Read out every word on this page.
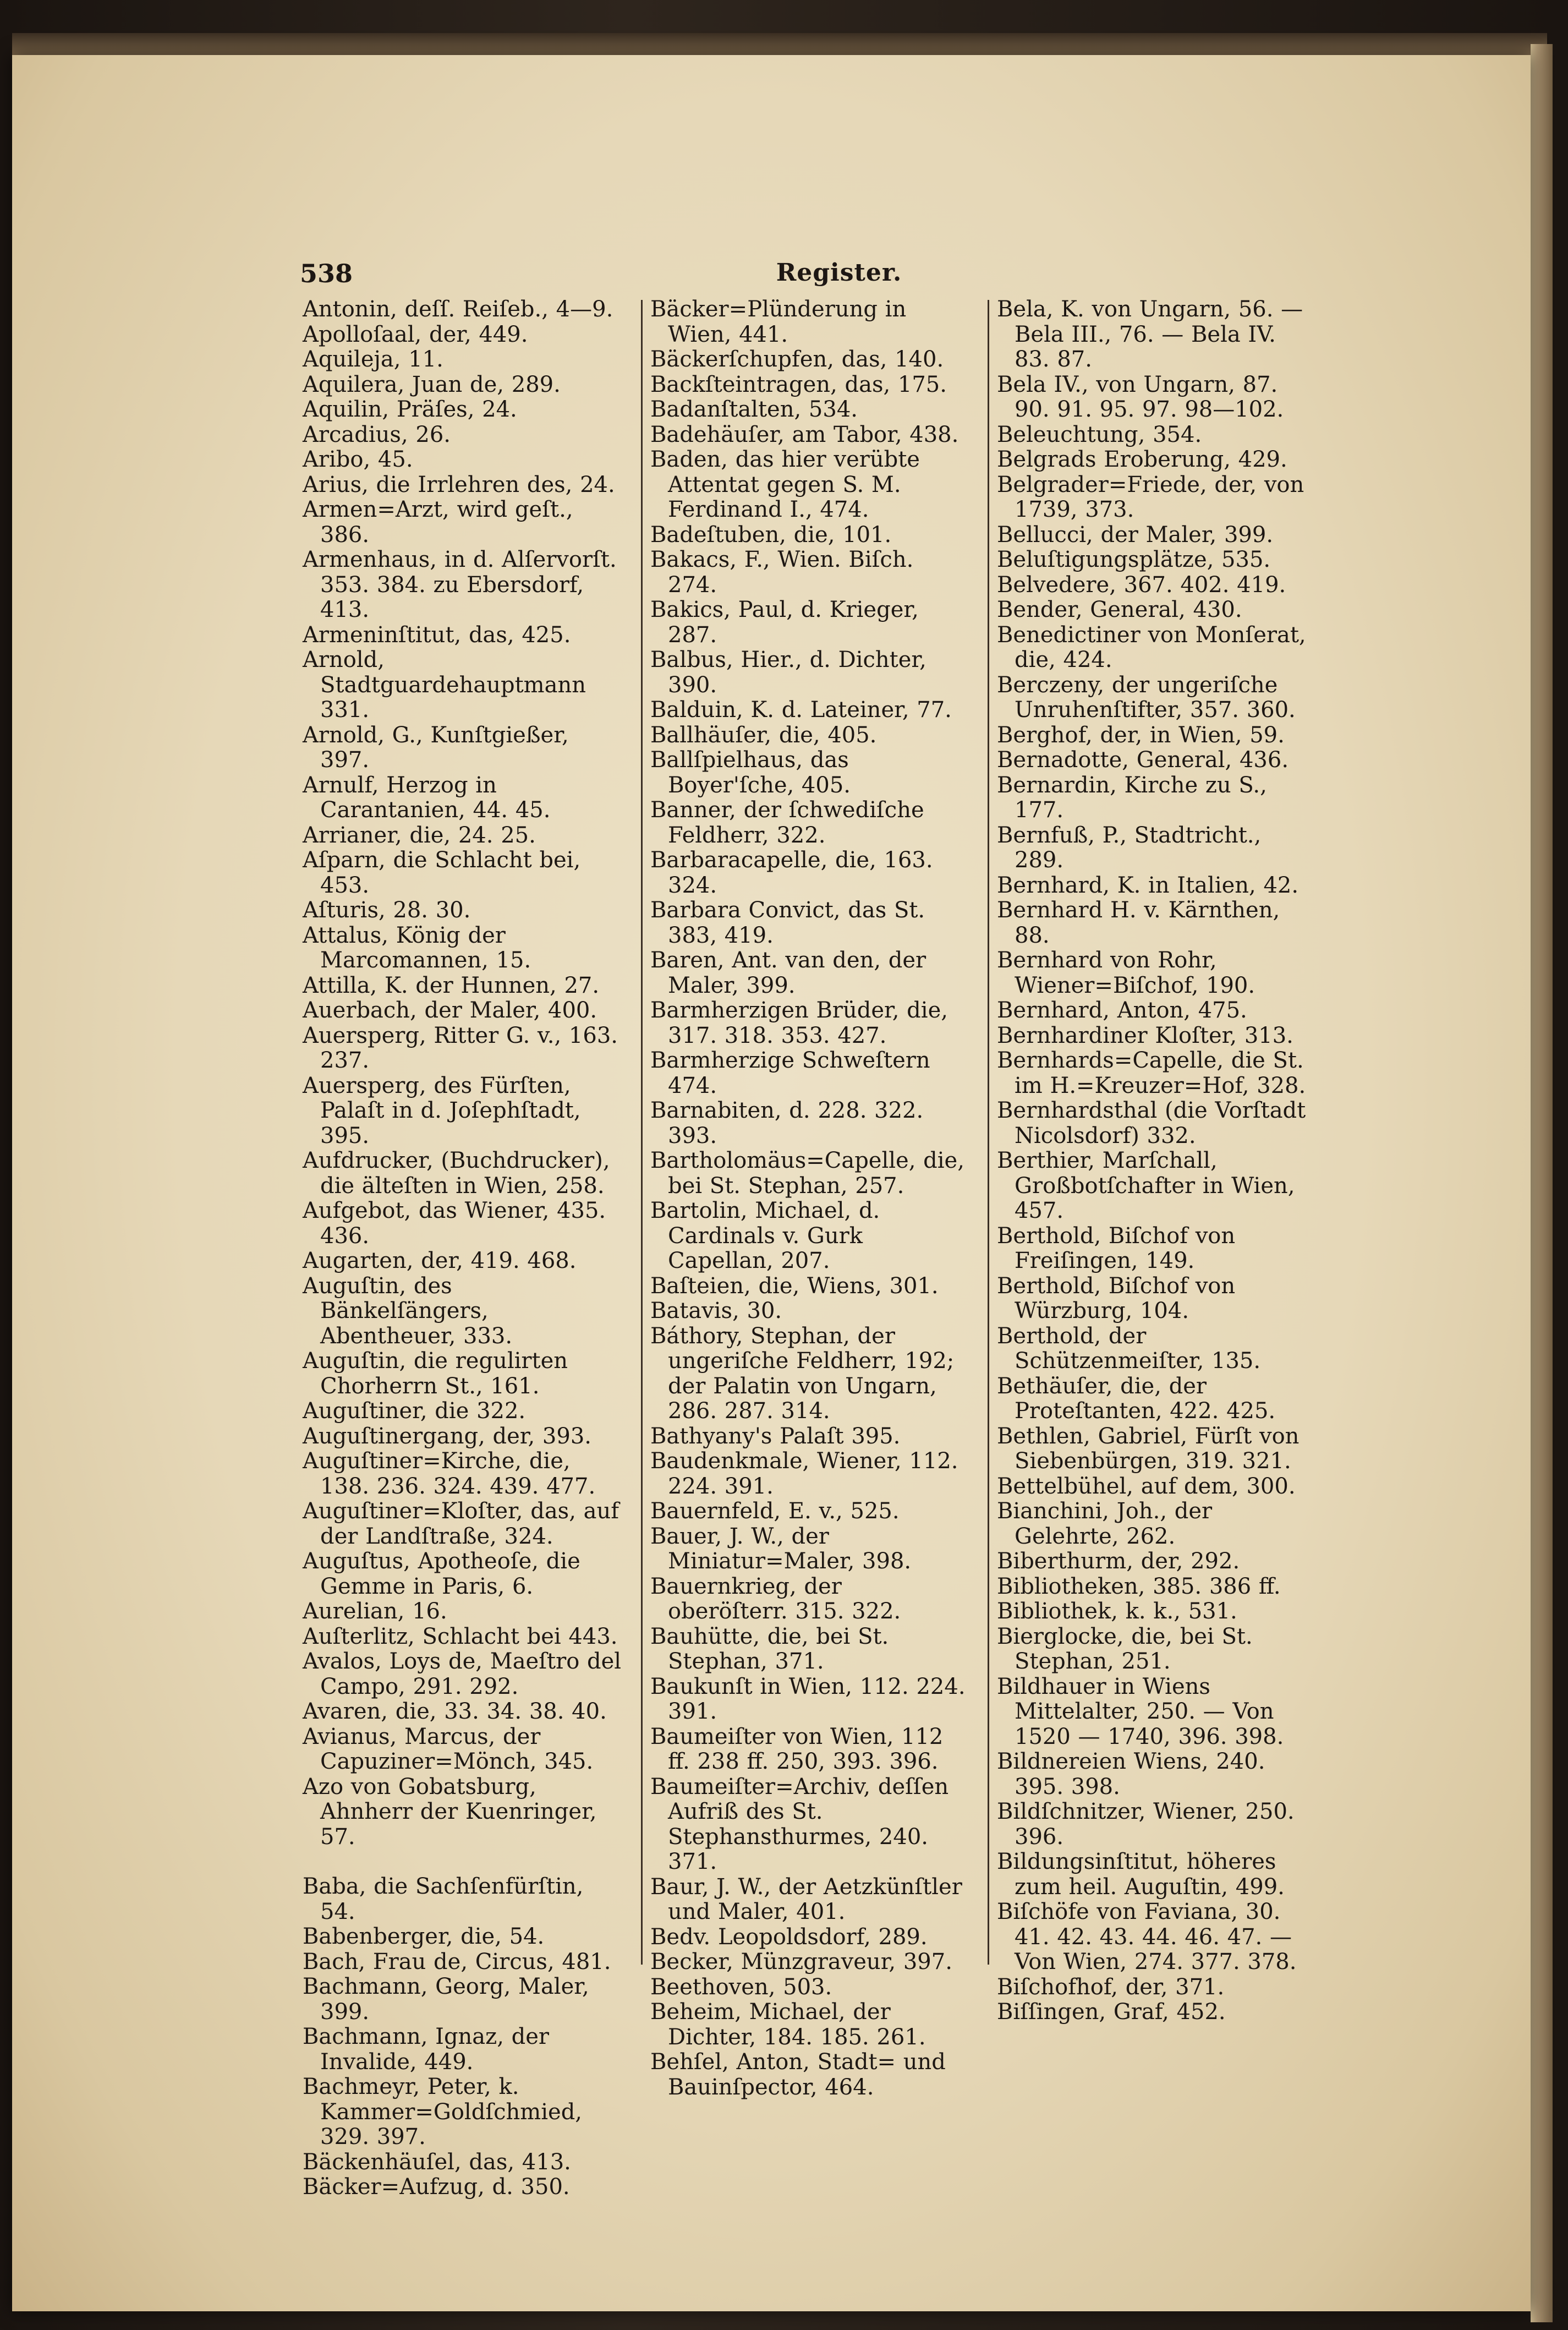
538	Register.
Antonin, deſſ. Reiſeb., 4—9.
Apolloſaal, der, 449.
Aquileja, 11.
Aquilera, Juan de, 289.
Aquilin, Präſes, 24.
Arcadius, 26.
Aribo, 45.
Arius, die Irrlehren des, 24.
Armen=Arzt, wird geſt., 386.
Armenhaus, in d. Alſervorſt. 353. 384. zu Ebersdorf, 413.
Armeninſtitut, das, 425.
Arnold, Stadtguardehauptmann 331.
Arnold, G., Kunſtgießer, 397.
Arnulf, Herzog in Carantanien, 44. 45.
Arrianer, die, 24. 25.
Aſparn, die Schlacht bei, 453.
Aſturis, 28. 30.
Attalus, König der Marcomannen, 15.
Attilla, K. der Hunnen, 27.
Auerbach, der Maler, 400.
Auersperg, Ritter G. v., 163. 237.
Auersperg, des Fürſten, Palaſt in d. Joſephſtadt, 395.
Aufdrucker, (Buchdrucker), die älteſten in Wien, 258.
Aufgebot, das Wiener, 435. 436.
Augarten, der, 419. 468.
Auguſtin, des Bänkelſängers, Abentheuer, 333.
Auguſtin, die regulirten Chorherrn St., 161.
Auguſtiner, die 322.
Auguſtinergang, der, 393.
Auguſtiner=Kirche, die, 138. 236. 324. 439. 477.
Auguſtiner=Kloſter, das, auf der Landſtraße, 324.
Auguſtus, Apotheoſe, die Gemme in Paris, 6.
Aurelian, 16.
Auſterlitz, Schlacht bei 443.
Avalos, Loys de, Maeſtro del Campo, 291. 292.
Avaren, die, 33. 34. 38. 40.
Avianus, Marcus, der Capuziner=Mönch, 345.
Azo von Gobatsburg, Ahnherr der Kuenringer, 57.
Baba, die Sachſenfürſtin, 54.
Babenberger, die, 54.
Bach, Frau de, Circus, 481.
Bachmann, Georg, Maler, 399.
Bachmann, Ignaz, der Invalide, 449.
Bachmeyr, Peter, k. Kammer=Goldſchmied, 329. 397.
Bäckenhäuſel, das, 413.
Bäcker=Aufzug, d. 350.
Bäcker=Plünderung in Wien, 441.
Bäckerſchupfen, das, 140.
Backſteintragen, das, 175.
Badanſtalten, 534.
Badehäuſer, am Tabor, 438.
Baden, das hier verübte Attentat gegen S. M. Ferdinand I., 474.
Badeſtuben, die, 101.
Bakacs, F., Wien. Biſch. 274.
Bakics, Paul, d. Krieger, 287.
Balbus, Hier., d. Dichter, 390.
Balduin, K. d. Lateiner, 77.
Ballhäuſer, die, 405.
Ballſpielhaus, das Boyer'ſche, 405.
Banner, der ſchwediſche Feldherr, 322.
Barbaracapelle, die, 163. 324.
Barbara Convict, das St. 383, 419.
Baren, Ant. van den, der Maler, 399.
Barmherzigen Brüder, die, 317. 318. 353. 427.
Barmherzige Schweſtern 474.
Barnabiten, d. 228. 322. 393.
Bartholomäus=Capelle, die, bei St. Stephan, 257.
Bartolin, Michael, d. Cardinals v. Gurk Capellan, 207.
Baſteien, die, Wiens, 301.
Batavis, 30.
Báthory, Stephan, der ungeriſche Feldherr, 192; der Palatin von Ungarn, 286. 287. 314.
Bathyany's Palaſt 395.
Baudenkmale, Wiener, 112. 224. 391.
Bauernfeld, E. v., 525.
Bauer, J. W., der Miniatur=Maler, 398.
Bauernkrieg, der oberöſterr. 315. 322.
Bauhütte, die, bei St. Stephan, 371.
Baukunſt in Wien, 112. 224. 391.
Baumeiſter von Wien, 112 ff. 238 ff. 250, 393. 396.
Baumeiſter=Archiv, deſſen Aufriß des St. Stephansthurmes, 240. 371.
Baur, J. W., der Aetzkünſtler und Maler, 401.
Bedv. Leopoldsdorf, 289.
Becker, Münzgraveur, 397.
Beethoven, 503.
Beheim, Michael, der Dichter, 184. 185. 261.
Behſel, Anton, Stadt= und Bauinſpector, 464.
Bela, K. von Ungarn, 56. — Bela III., 76. — Bela IV. 83. 87.
Bela IV., von Ungarn, 87. 90. 91. 95. 97. 98—102.
Beleuchtung, 354.
Belgrads Eroberung, 429.
Belgrader=Friede, der, von 1739, 373.
Bellucci, der Maler, 399.
Beluſtigungsplätze, 535.
Belvedere, 367. 402. 419.
Bender, General, 430.
Benedictiner von Monſerat, die, 424.
Berczeny, der ungeriſche Unruhenſtifter, 357. 360.
Berghof, der, in Wien, 59.
Bernadotte, General, 436.
Bernardin, Kirche zu S., 177.
Bernfuß, P., Stadtricht., 289.
Bernhard, K. in Italien, 42.
Bernhard H. v. Kärnthen, 88.
Bernhard von Rohr, Wiener=Biſchof, 190.
Bernhard, Anton, 475.
Bernhardiner Kloſter, 313.
Bernhards=Capelle, die St. im H.=Kreuzer=Hof, 328.
Bernhardsthal (die Vorſtadt Nicolsdorf) 332.
Berthier, Marſchall, Großbotſchafter in Wien, 457.
Berthold, Biſchof von Freiſingen, 149.
Berthold, Biſchof von Würzburg, 104.
Berthold, der Schützenmeiſter, 135.
Bethäuſer, die, der Proteſtanten, 422. 425.
Bethlen, Gabriel, Fürſt von Siebenbürgen, 319. 321.
Bettelbühel, auf dem, 300.
Bianchini, Joh., der Gelehrte, 262.
Biberthurm, der, 292.
Bibliotheken, 385. 386 ff.
Bibliothek, k. k., 531.
Bierglocke, die, bei St. Stephan, 251.
Bildhauer in Wiens Mittelalter, 250. — Von 1520 — 1740, 396. 398.
Bildnereien Wiens, 240. 395. 398.
Bildſchnitzer, Wiener, 250. 396.
Bildungsinſtitut, höheres zum heil. Auguſtin, 499.
Biſchöfe von Faviana, 30. 41. 42. 43. 44. 46. 47. — Von Wien, 274. 377. 378.
Biſchofhof, der, 371.
Biſſingen, Graf, 452.
